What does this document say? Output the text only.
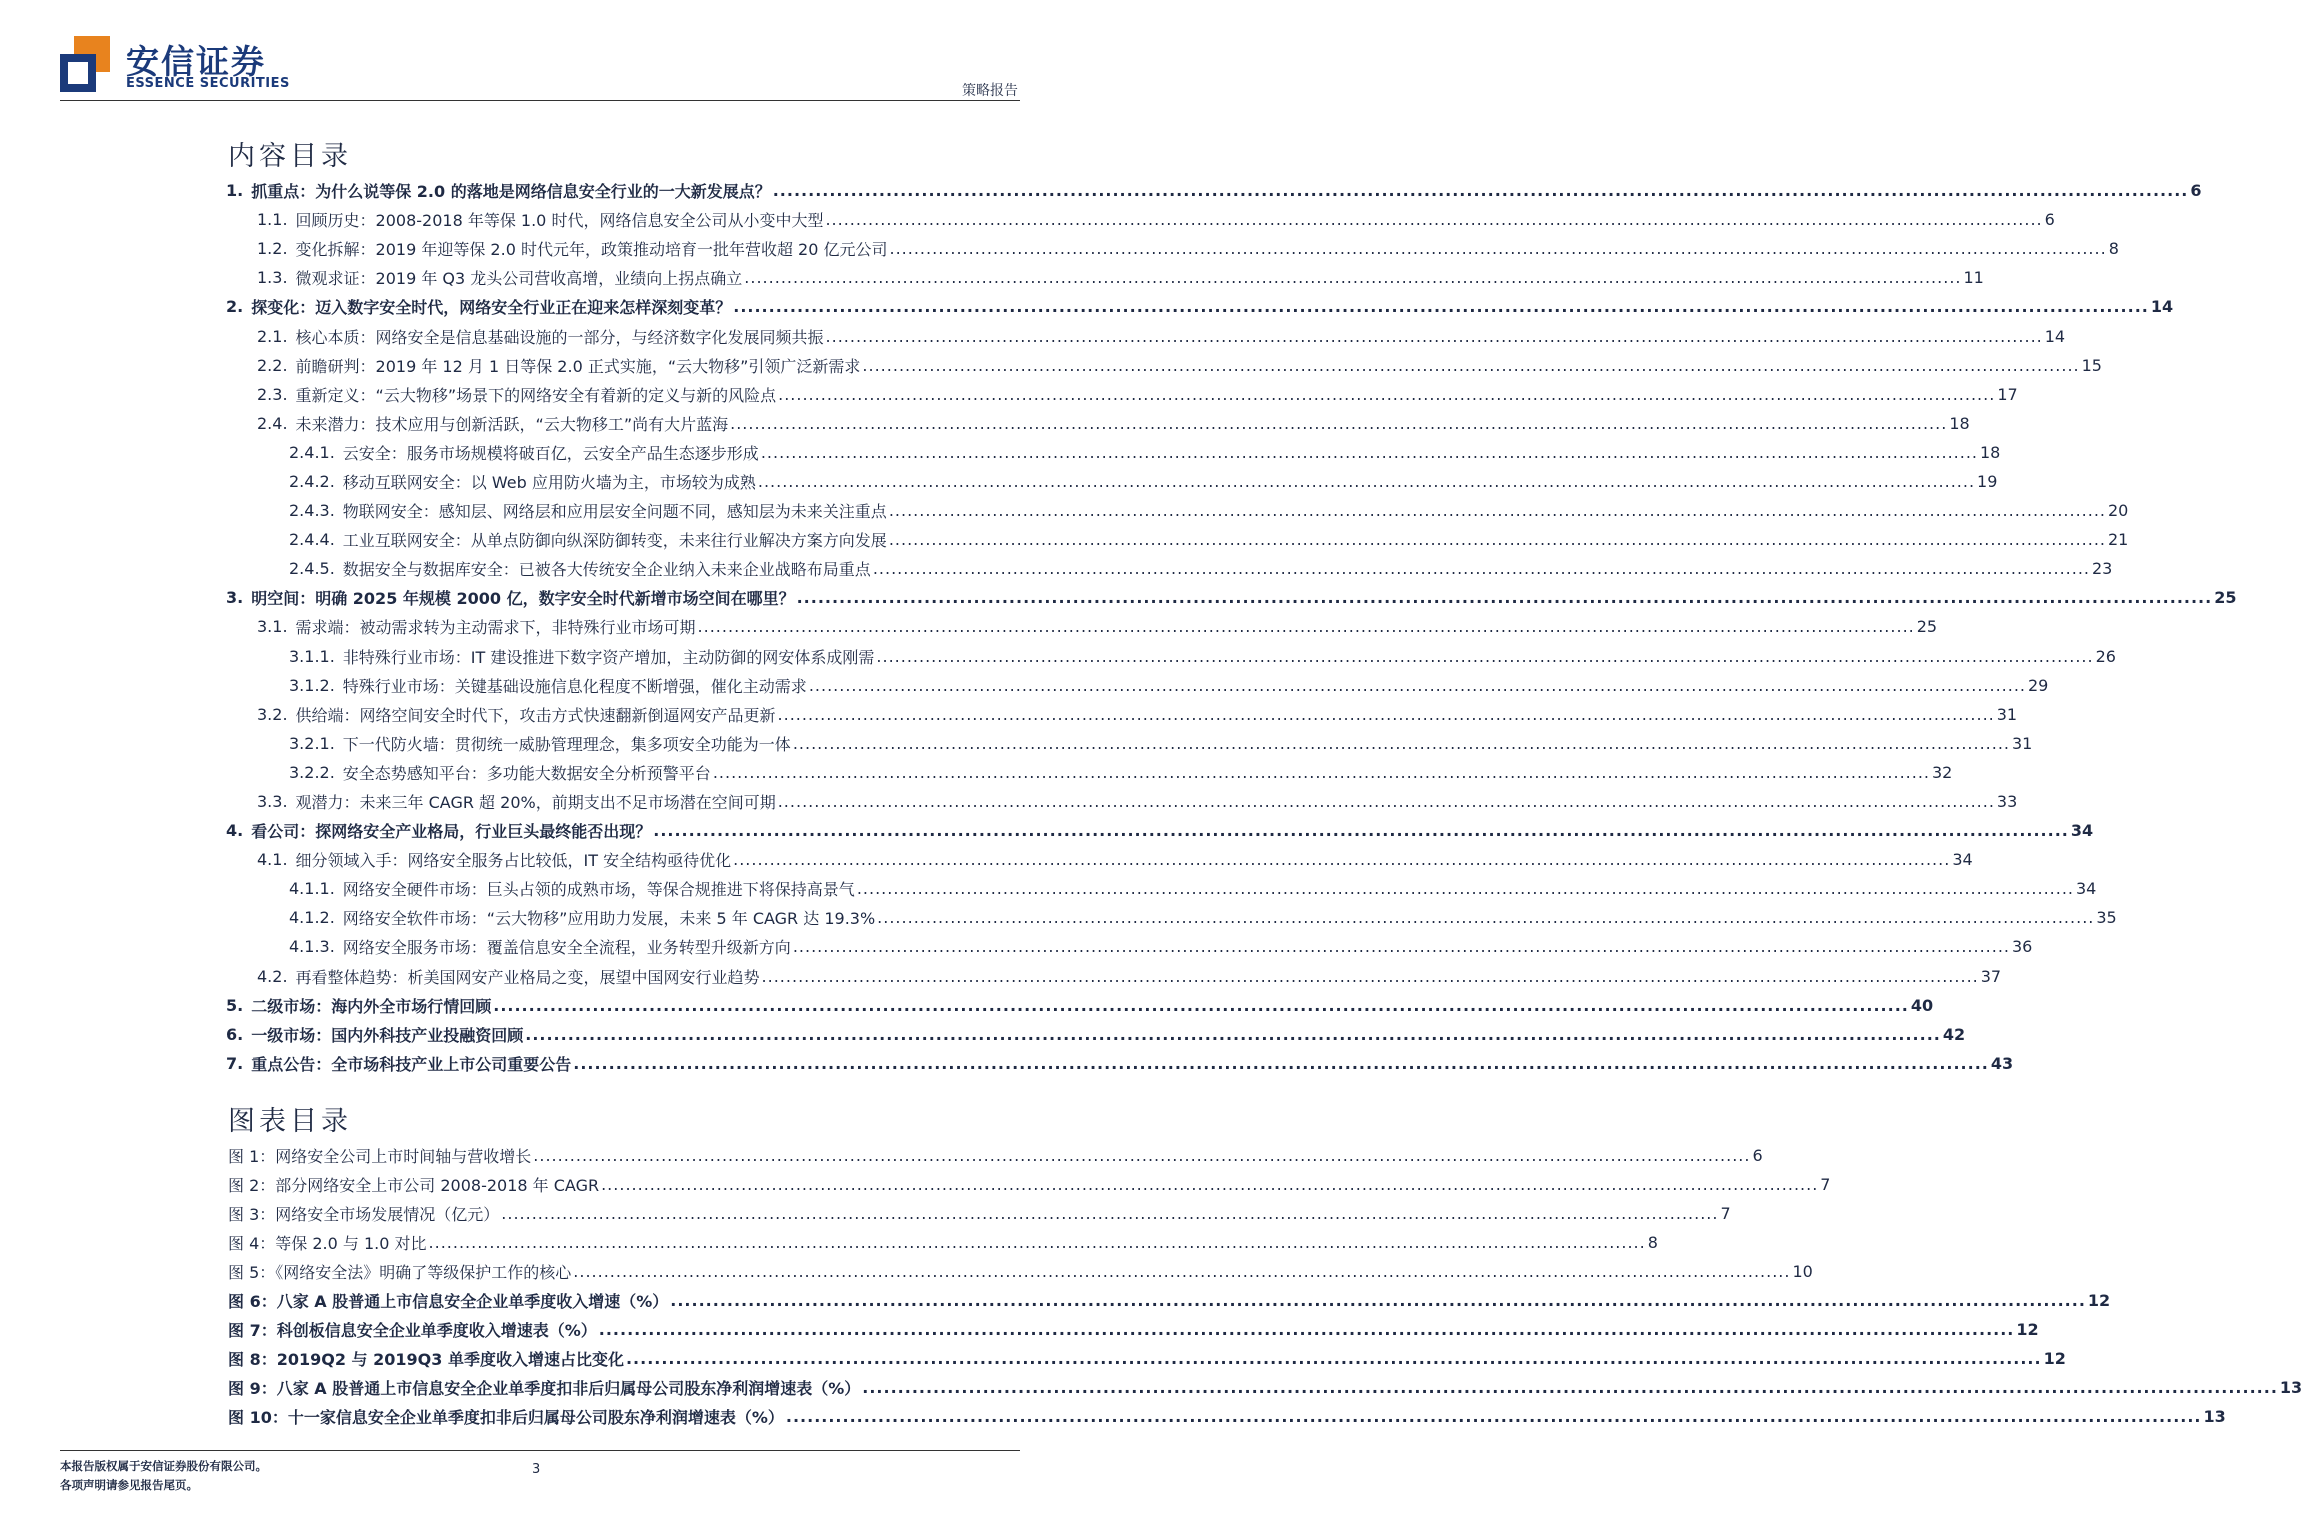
安信证券
ESSENCE SECURITIES	策略报告
内容目录
1. 抓重点：为什么说等保 2.0 的落地是网络信息安全行业的一大新发展点？ .....	6
1.1. 回顾历史：2008-2018 年等保 1.0 时代，网络信息安全公司从小变中大型 .....	6
1.2. 变化拆解：2019 年迎等保 2.0 时代元年，政策推动培育一批年营收超 20 亿元公司 .....	8
1.3. 微观求证：2019 年 Q3 龙头公司营收高增，业绩向上拐点确立 .....	11
2. 探变化：迈入数字安全时代，网络安全行业正在迎来怎样深刻变革？ .....	14
2.1. 核心本质：网络安全是信息基础设施的一部分，与经济数字化发展同频共振 .....	14
2.2. 前瞻研判：2019 年 12 月 1 日等保 2.0 正式实施，“云大物移”引领广泛新需求 .....	15
2.3. 重新定义：“云大物移”场景下的网络安全有着新的定义与新的风险点 .....	17
2.4. 未来潜力：技术应用与创新活跃，“云大物移工”尚有大片蓝海 .....	18
2.4.1. 云安全：服务市场规模将破百亿，云安全产品生态逐步形成 .....	18
2.4.2. 移动互联网安全：以 Web 应用防火墙为主，市场较为成熟 .....	19
2.4.3. 物联网安全：感知层、网络层和应用层安全问题不同，感知层为未来关注重点 .....	20
2.4.4. 工业互联网安全：从单点防御向纵深防御转变，未来往行业解决方案方向发展 .....	21
2.4.5. 数据安全与数据库安全：已被各大传统安全企业纳入未来企业战略布局重点 .....	23
3. 明空间：明确 2025 年规模 2000 亿，数字安全时代新增市场空间在哪里？ .....	25
3.1. 需求端：被动需求转为主动需求下，非特殊行业市场可期 .....	25
3.1.1. 非特殊行业市场：IT 建设推进下数字资产增加，主动防御的网安体系成刚需 .....	26
3.1.2. 特殊行业市场：关键基础设施信息化程度不断增强，催化主动需求 .....	29
3.2. 供给端：网络空间安全时代下，攻击方式快速翻新倒逼网安产品更新 .....	31
3.2.1. 下一代防火墙：贯彻统一威胁管理理念，集多项安全功能为一体 .....	31
3.2.2. 安全态势感知平台：多功能大数据安全分析预警平台 .....	32
3.3. 观潜力：未来三年 CAGR 超 20%，前期支出不足市场潜在空间可期 .....	33
4. 看公司：探网络安全产业格局，行业巨头最终能否出现？ .....	34
4.1. 细分领域入手：网络安全服务占比较低，IT 安全结构亟待优化 .....	34
4.1.1. 网络安全硬件市场：巨头占领的成熟市场，等保合规推进下将保持高景气 .....	34
4.1.2. 网络安全软件市场：“云大物移”应用助力发展，未来 5 年 CAGR 达 19.3% .....	35
4.1.3. 网络安全服务市场：覆盖信息安全全流程，业务转型升级新方向 .....	36
4.2. 再看整体趋势：析美国网安产业格局之变，展望中国网安行业趋势 .....	37
5. 二级市场：海内外全市场行情回顾 .....	40
6. 一级市场：国内外科技产业投融资回顾 .....	42
7. 重点公告：全市场科技产业上市公司重要公告 .....	43
图表目录
图 1：网络安全公司上市时间轴与营收增长 .....	6
图 2：部分网络安全上市公司 2008-2018 年 CAGR .....	7
图 3：网络安全市场发展情况（亿元） .....	7
图 4：等保 2.0 与 1.0 对比 .....	8
图 5：《网络安全法》明确了等级保护工作的核心 .....	10
图 6：八家 A 股普通上市信息安全企业单季度收入增速（%） .....	12
图 7：科创板信息安全企业单季度收入增速表（%） .....	12
图 8：2019Q2 与 2019Q3 单季度收入增速占比变化 .....	12
图 9：八家 A 股普通上市信息安全企业单季度扣非后归属母公司股东净利润增速表（%） .....	13
图 10：十一家信息安全企业单季度扣非后归属母公司股东净利润增速表（%） .....	13
本报告版权属于安信证券股份有限公司。
各项声明请参见报告尾页。
3
